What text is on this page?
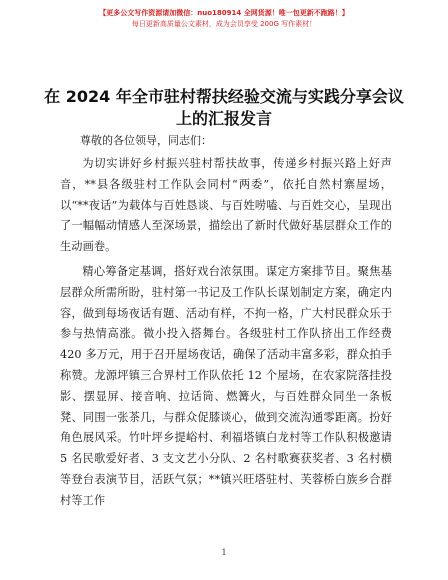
【更多公文写作资源请加微信：nuo180914 全网货源！唯一包更新不跑路！】
每日更新高质量公文素材，成为会员享受 200G 写作素材！
在 2024 年全市驻村帮扶经验交流与实践分享会议上的汇报发言
尊敬的各位领导，同志们：

为切实讲好乡村振兴驻村帮扶故事，传递乡村振兴路上好声音，**县各级驻村工作队会同村“两委”，依托自然村寨屋场，以“**夜话”为载体与百姓恳谈、与百姓唠嗑、与百姓交心，呈现出了一幅幅动情感人至深场景，描绘出了新时代做好基层群众工作的生动画卷。

精心筹备定基调，搭好戏台浓氛围。谋定方案排节目。聚焦基层群众所需所盼，驻村第一书记及工作队长谋划制定方案，确定内容，做到每场夜话有题、活动有样，不拘一格，广大村民群众乐于参与热情高涨。微小投入搭舞台。各级驻村工作队挤出工作经费 420 多万元，用于召开屋场夜话，确保了活动丰富多彩，群众拍手称赞。龙源坪镇三合界村工作队依托 12 个屋场，在农家院落挂投影、摆显屏、接音响、拉话筒、燃篝火，与百姓群众同坐一条板凳、同围一张茶几，与群众促膝谈心，做到交流沟通零距离。扮好角色展风采。竹叶坪乡提峪村、利福塔镇白龙村等工作队积极邀请 5 名民歌爱好者、3 支文艺小分队、2 名村歌赛获奖者、3 名村横等登台表演节目，活跃气氛；**镇兴旺塔驻村、芙蓉桥白族乡合群村等工作

1
